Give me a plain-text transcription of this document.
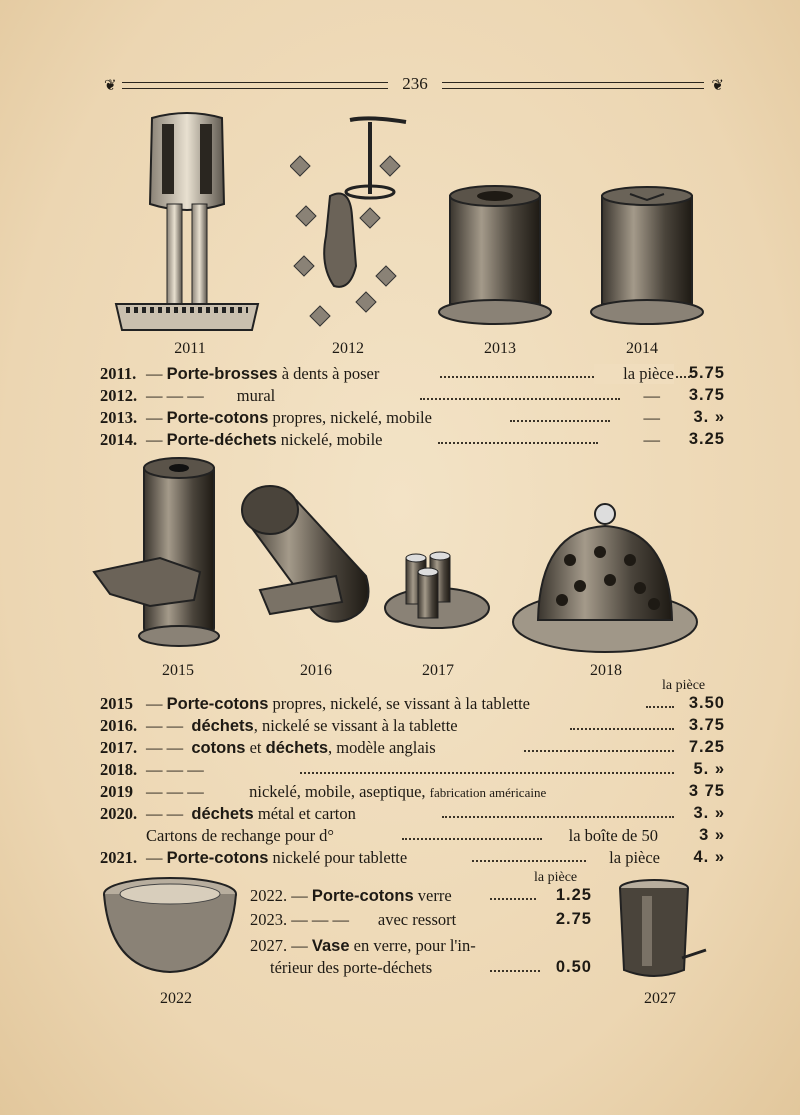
❦	236	❦
2011	2012	2013	2014
2011. — Porte-brosses à dents à poser	la pièce 5.75
2012. — — — mural	—	3.75
2013. — Porte-cotons propres, nickelé, mobile	—	3. »
2014. — Porte-déchets nickelé, mobile	—	3.25
2015	2016	2017	2018
la pièce
2015 — Porte-cotons propres, nickelé, se vissant à la tablette	3.50
2016. — — déchets, nickelé se vissant à la tablette	3.75
2017. — — cotons et déchets, modèle anglais	7.25
2018. — — —	5. »
2019 — — —	nickelé, mobile, aseptique, fabrication américaine	3 75
2020. — — déchets métal et carton	3. »
Cartons de rechange pour d°	la boîte de 50	3 »
2021. — Porte-cotons nickelé pour tablette	la pièce	4. »
2022
la pièce
2022. — Porte-cotons verre	1.25
2023. — — — avec ressort	2.75
2027. — Vase en verre, pour l'in-
térieur des porte-déchets	0.50
2027
